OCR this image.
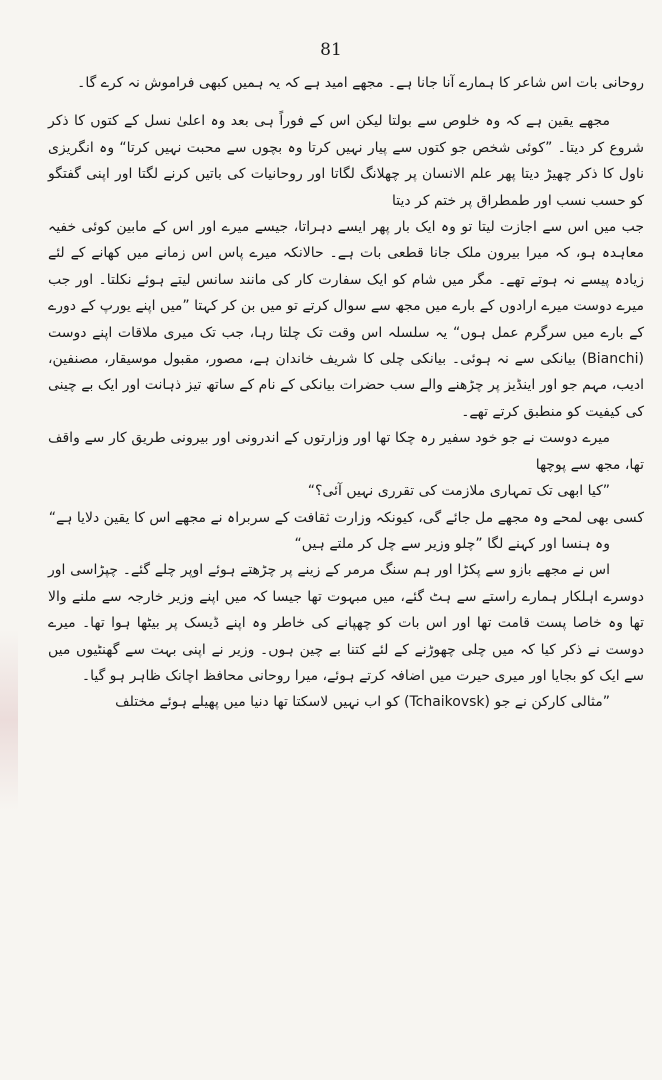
81

روحانی بات اس شاعر کا ہمارے آنا جانا ہے۔ مجھے امید ہے کہ یہ ہمیں کبھی فراموش نہ کرے گا۔

مجھے یقین ہے کہ وہ خلوص سے بولتا لیکن اس کے فوراً ہی بعد وہ اعلیٰ نسل کے کتوں کا ذکر شروع کر دیتا۔ ”کوئی شخص جو کتوں سے پیار نہیں کرتا وہ بچوں سے محبت نہیں کرتا“ وہ انگریزی ناول کا ذکر چھیڑ دیتا پھر علم الانسان پر چھلانگ لگاتا اور روحانیات کی باتیں کرنے لگتا اور اپنی گفتگو کو حسب نسب اور طمطراق پر ختم کر دیتا

جب میں اس سے اجازت لیتا تو وہ ایک بار پھر ایسے دہراتا، جیسے میرے اور اس کے مابین کوئی خفیہ معاہدہ ہو، کہ میرا بیرون ملک جانا قطعی بات ہے۔ حالانکہ میرے پاس اس زمانے میں کھانے کے لئے زیادہ پیسے نہ ہوتے تھے۔ مگر میں شام کو ایک سفارت کار کی مانند سانس لیتے ہوئے نکلتا۔ اور جب میرے دوست میرے ارادوں کے بارے میں مجھ سے سوال کرتے تو میں بن کر کہتا ”میں اپنے یورپ کے دورے کے بارے میں سرگرم عمل ہوں“ یہ سلسلہ اس وقت تک چلتا رہا، جب تک میری ملاقات اپنے دوست (Bianchi) بیانکی سے نہ ہوئی۔ بیانکی چلی کا شریف خاندان ہے، مصور، مقبول موسیقار، مصنفین، ادیب، مہم جو اور اینڈیز پر چڑھنے والے سب حضرات بیانکی کے نام کے ساتھ تیز ذہانت اور ایک بے چینی کی کیفیت کو منطبق کرتے تھے۔

میرے دوست نے جو خود سفیر رہ چکا تھا اور وزارتوں کے اندرونی اور بیرونی طریق کار سے واقف تھا، مجھ سے پوچھا

”کیا ابھی تک تمہاری ملازمت کی تقرری نہیں آئی؟“

کسی بھی لمحے وہ مجھے مل جائے گی، کیونکہ وزارت ثقافت کے سربراہ نے مجھے اس کا یقین دلایا ہے“

وہ ہنسا اور کہنے لگا ”چلو وزیر سے چل کر ملتے ہیں“

اس نے مجھے بازو سے پکڑا اور ہم سنگ مرمر کے زینے پر چڑھتے ہوئے اوپر چلے گئے۔ چپڑاسی اور دوسرے اہلکار ہمارے راستے سے ہٹ گئے، میں مبہوت تھا جیسا کہ میں اپنے وزیر خارجہ سے ملنے والا تھا وہ خاصا پست قامت تھا اور اس بات کو چھپانے کی خاطر وہ اپنے ڈیسک پر بیٹھا ہوا تھا۔ میرے دوست نے ذکر کیا کہ میں چلی چھوڑنے کے لئے کتنا بے چین ہوں۔ وزیر نے اپنی بہت سے گھنٹیوں میں سے ایک کو بجایا اور میری حیرت میں اضافہ کرتے ہوئے، میرا روحانی محافظ اچانک ظاہر ہو گیا۔

”مثالی کارکن نے جو (Tchaikovsk) کو اب نہیں لاسکتا تھا دنیا میں پھیلے ہوئے مختلف
